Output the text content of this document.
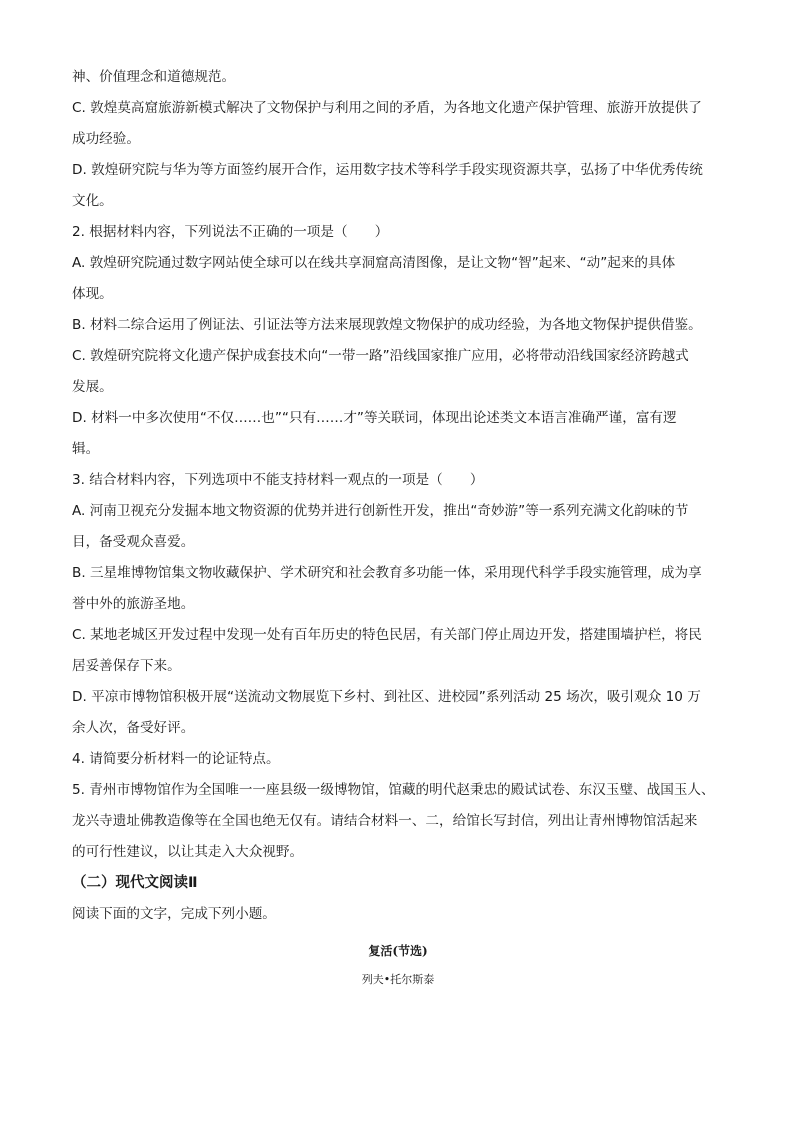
神、价值理念和道德规范。
C. 敦煌莫高窟旅游新模式解决了文物保护与利用之间的矛盾，为各地文化遗产保护管理、旅游开放提供了
成功经验。
D. 敦煌研究院与华为等方面签约展开合作，运用数字技术等科学手段实现资源共享，弘扬了中华优秀传统
文化。
2. 根据材料内容，下列说法不正确的一项是（　　）
A. 敦煌研究院通过数字网站使全球可以在线共享洞窟高清图像，是让文物“智”起来、“动”起来的具体
体现。
B. 材料二综合运用了例证法、引证法等方法来展现敦煌文物保护的成功经验，为各地文物保护提供借鉴。
C. 敦煌研究院将文化遗产保护成套技术向“一带一路”沿线国家推广应用，必将带动沿线国家经济跨越式
发展。
D. 材料一中多次使用“不仅……也”“只有……才”等关联词，体现出论述类文本语言准确严谨，富有逻
辑。
3. 结合材料内容，下列选项中不能支持材料一观点的一项是（　　）
A. 河南卫视充分发掘本地文物资源的优势并进行创新性开发，推出“奇妙游”等一系列充满文化韵味的节
目，备受观众喜爱。
B. 三星堆博物馆集文物收藏保护、学术研究和社会教育多功能一体，采用现代科学手段实施管理，成为享
誉中外的旅游圣地。
C. 某地老城区开发过程中发现一处有百年历史的特色民居，有关部门停止周边开发，搭建围墙护栏，将民
居妥善保存下来。
D. 平凉市博物馆积极开展“送流动文物展览下乡村、到社区、进校园”系列活动 25 场次，吸引观众 10 万
余人次，备受好评。
4. 请简要分析材料一的论证特点。
5. 青州市博物馆作为全国唯一一座县级一级博物馆，馆藏的明代赵秉忠的殿试试卷、东汉玉璧、战国玉人、
龙兴寺遗址佛教造像等在全国也绝无仅有。请结合材料一、二，给馆长写封信，列出让青州博物馆活起来
的可行性建议，以让其走入大众视野。
（二）现代文阅读Ⅱ
阅读下面的文字，完成下列小题。
复活(节选)
列夫•托尔斯泰
